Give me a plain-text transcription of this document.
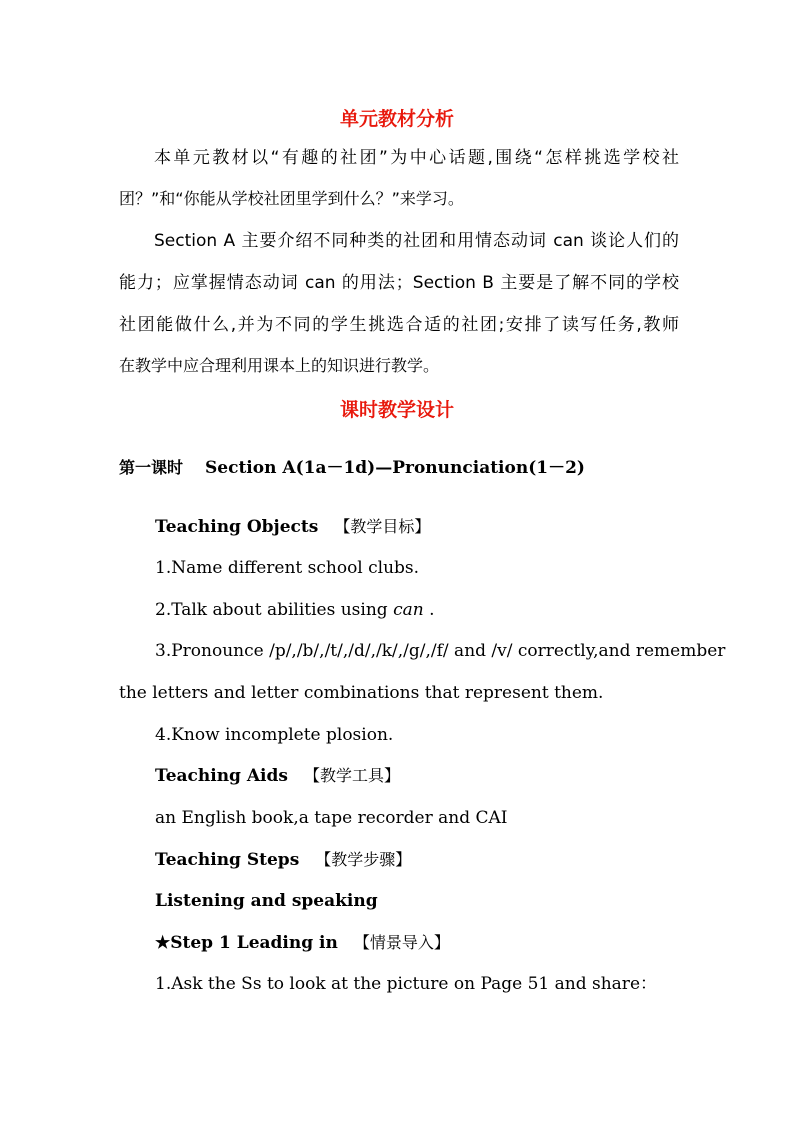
单元教材分析
本单元教材以“有趣的社团”为中心话题,围绕“怎样挑选学校社
团？”和“你能从学校社团里学到什么？”来学习。
Section A 主要介绍不同种类的社团和用情态动词 can 谈论人们的
能力；应掌握情态动词 can 的用法；Section B 主要是了解不同的学校
社团能做什么,并为不同的学生挑选合适的社团;安排了读写任务,教师
在教学中应合理利用课本上的知识进行教学。
课时教学设计
第一课时 Section A(1a－1d)—Pronunciation(1－2)
Teaching Objects 【教学目标】
1.Name different school clubs.
2.Talk about abilities using can .
3.Pronounce /p/,/b/,/t/,/d/,/k/,/g/,/f/ and /v/ correctly,and remember
the letters and letter combinations that represent them.
4.Know incomplete plosion.
Teaching Aids 【教学工具】
an English book,a tape recorder and CAI
Teaching Steps 【教学步骤】
Listening and speaking
★Step 1 Leading in 【情景导入】
1.Ask the Ss to look at the picture on Page 51 and share：
